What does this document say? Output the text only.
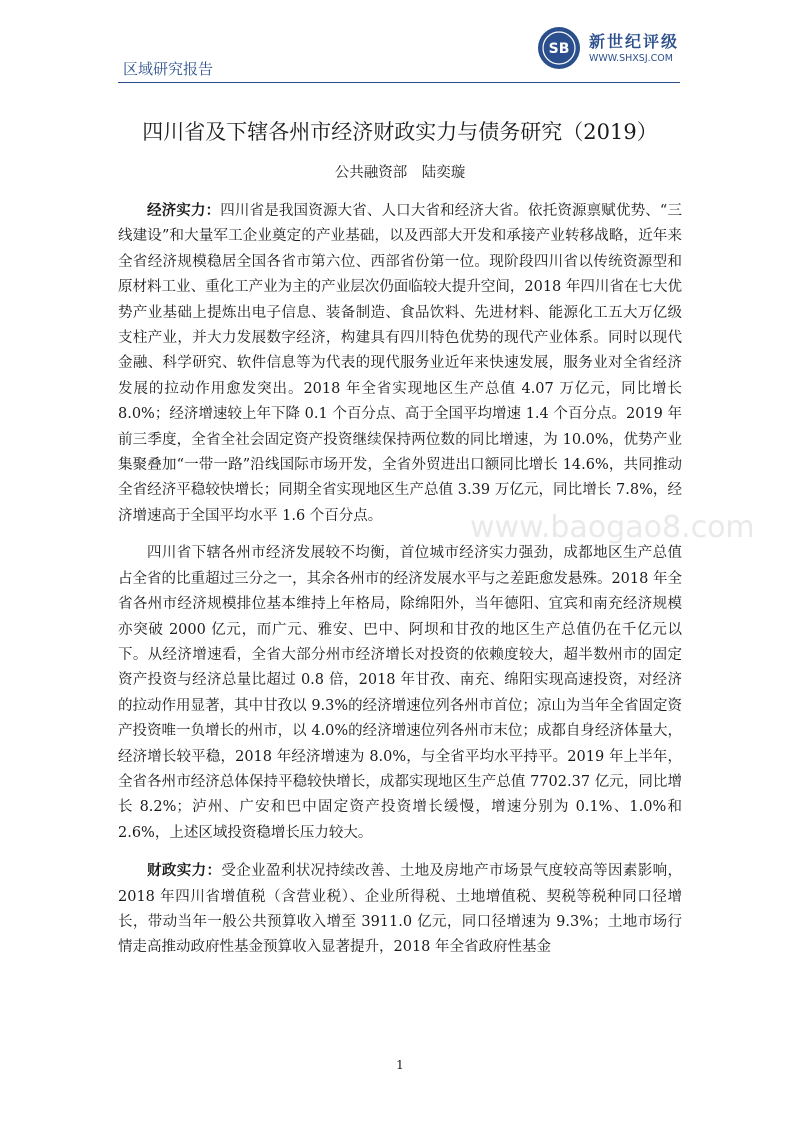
区域研究报告
SB 新世纪评级
WWW.SHXSJ.COM
www.baogao8.com
四川省及下辖各州市经济财政实力与债务研究（2019）
公共融资部　陆奕璇

经济实力：四川省是我国资源大省、人口大省和经济大省。依托资源禀赋优势、“三线建设”和大量军工企业奠定的产业基础，以及西部大开发和承接产业转移战略，近年来全省经济规模稳居全国各省市第六位、西部省份第一位。现阶段四川省以传统资源型和原材料工业、重化工产业为主的产业层次仍面临较大提升空间，2018 年四川省在七大优势产业基础上提炼出电子信息、装备制造、食品饮料、先进材料、能源化工五大万亿级支柱产业，并大力发展数字经济，构建具有四川特色优势的现代产业体系。同时以现代金融、科学研究、软件信息等为代表的现代服务业近年来快速发展，服务业对全省经济发展的拉动作用愈发突出。2018 年全省实现地区生产总值 4.07 万亿元，同比增长 8.0%；经济增速较上年下降 0.1 个百分点、高于全国平均增速 1.4 个百分点。2019 年前三季度，全省全社会固定资产投资继续保持两位数的同比增速，为 10.0%，优势产业集聚叠加“一带一路”沿线国际市场开发，全省外贸进出口额同比增长 14.6%，共同推动全省经济平稳较快增长；同期全省实现地区生产总值 3.39 万亿元，同比增长 7.8%，经济增速高于全国平均水平 1.6 个百分点。

四川省下辖各州市经济发展较不均衡，首位城市经济实力强劲，成都地区生产总值占全省的比重超过三分之一，其余各州市的经济发展水平与之差距愈发悬殊。2018 年全省各州市经济规模排位基本维持上年格局，除绵阳外，当年德阳、宜宾和南充经济规模亦突破 2000 亿元，而广元、雅安、巴中、阿坝和甘孜的地区生产总值仍在千亿元以下。从经济增速看，全省大部分州市经济增长对投资的依赖度较大，超半数州市的固定资产投资与经济总量比超过 0.8 倍，2018 年甘孜、南充、绵阳实现高速投资，对经济的拉动作用显著，其中甘孜以 9.3%的经济增速位列各州市首位；凉山为当年全省固定资产投资唯一负增长的州市，以 4.0%的经济增速位列各州市末位；成都自身经济体量大，经济增长较平稳，2018 年经济增速为 8.0%，与全省平均水平持平。2019 年上半年，全省各州市经济总体保持平稳较快增长，成都实现地区生产总值 7702.37 亿元，同比增长 8.2%；泸州、广安和巴中固定资产投资增长缓慢，增速分别为 0.1%、1.0%和 2.6%，上述区域投资稳增长压力较大。

财政实力：受企业盈利状况持续改善、土地及房地产市场景气度较高等因素影响，2018 年四川省增值税（含营业税）、企业所得税、土地增值税、契税等税种同口径增长，带动当年一般公共预算收入增至 3911.0 亿元，同口径增速为 9.3%；土地市场行情走高推动政府性基金预算收入显著提升，2018 年全省政府性基金

1
